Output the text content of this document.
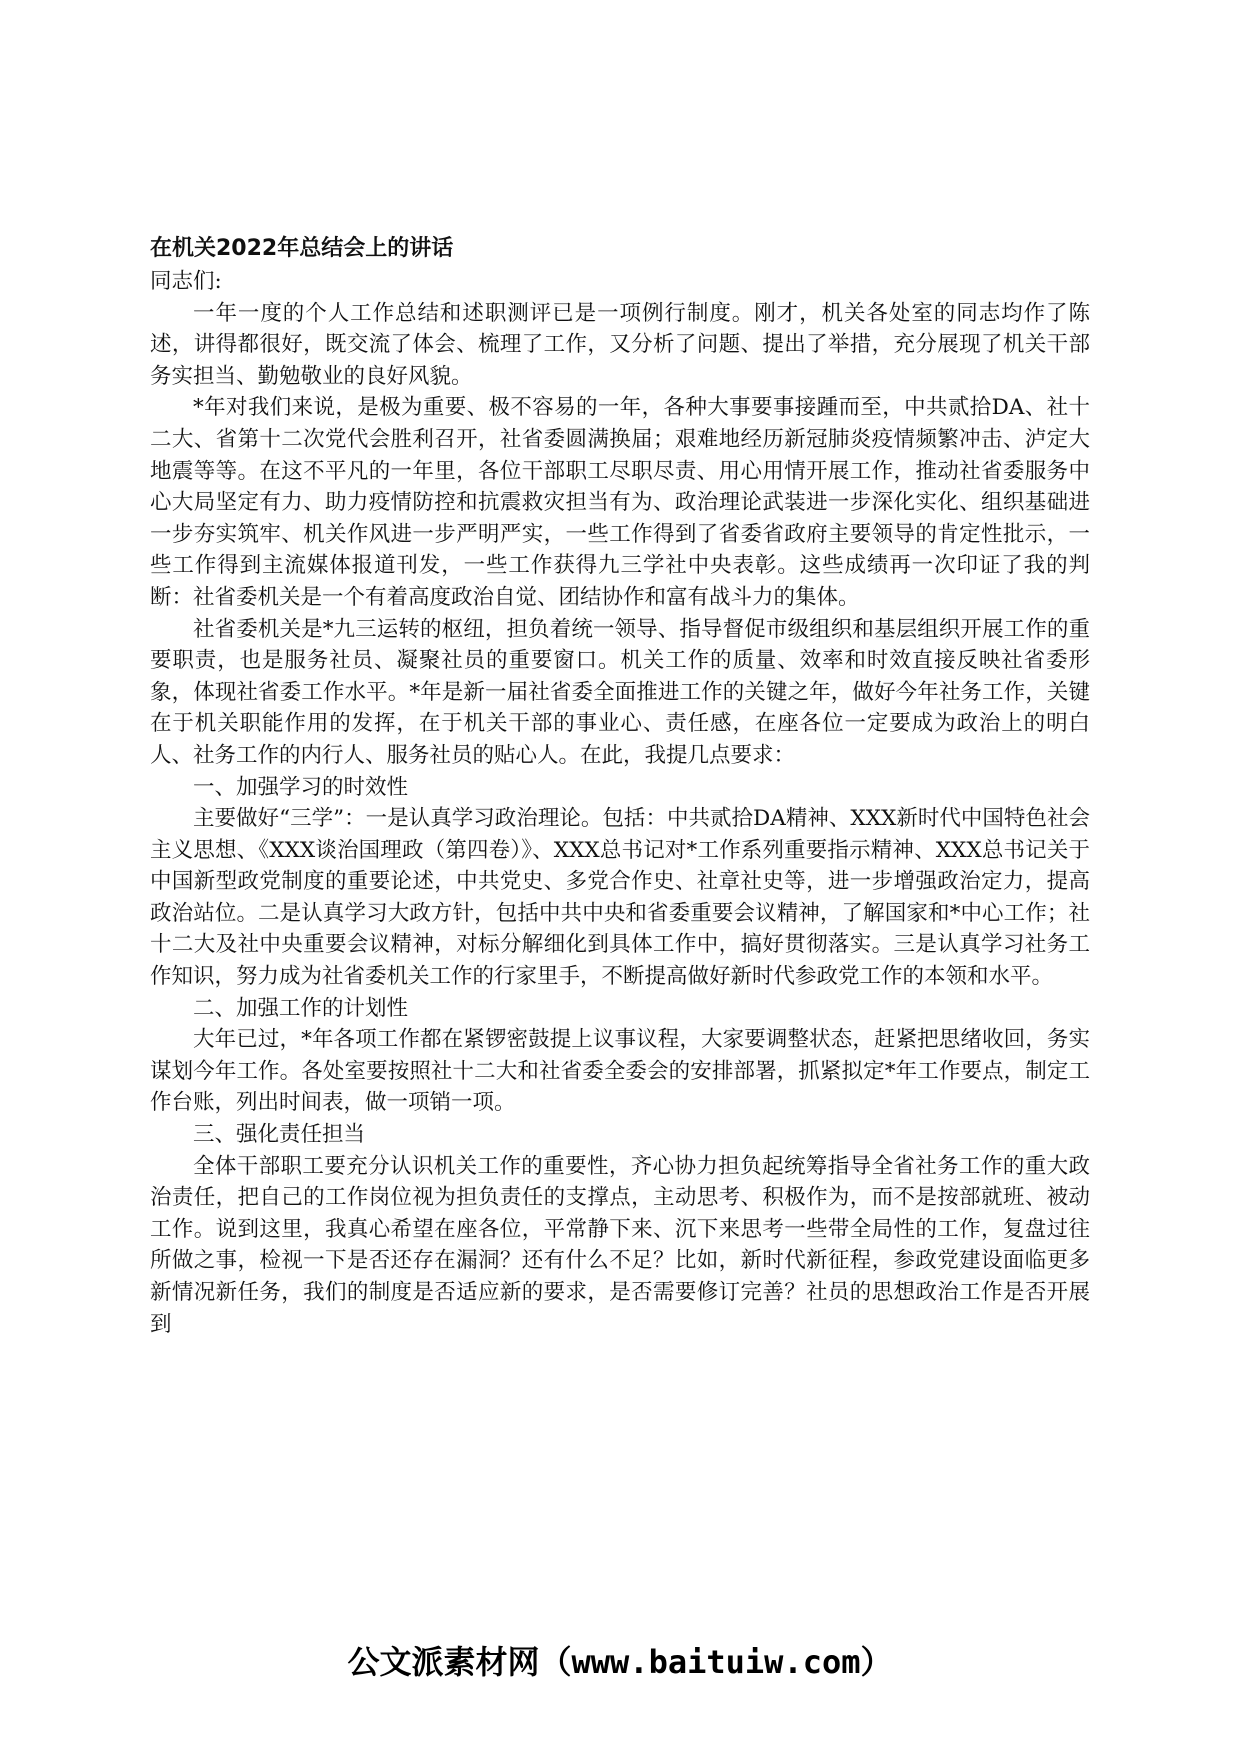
在机关2022年总结会上的讲话

同志们:

一年一度的个人工作总结和述职测评已是一项例行制度。刚才，机关各处室的同志均作了陈述，讲得都很好，既交流了体会、梳理了工作，又分析了问题、提出了举措，充分展现了机关干部务实担当、勤勉敬业的良好风貌。

*年对我们来说，是极为重要、极不容易的一年，各种大事要事接踵而至，中共贰拾DA、社十二大、省第十二次党代会胜利召开，社省委圆满换届；艰难地经历新冠肺炎疫情频繁冲击、泸定大地震等等。在这不平凡的一年里，各位干部职工尽职尽责、用心用情开展工作，推动社省委服务中心大局坚定有力、助力疫情防控和抗震救灾担当有为、政治理论武装进一步深化实化、组织基础进一步夯实筑牢、机关作风进一步严明严实，一些工作得到了省委省政府主要领导的肯定性批示，一些工作得到主流媒体报道刊发，一些工作获得九三学社中央表彰。这些成绩再一次印证了我的判断：社省委机关是一个有着高度政治自觉、团结协作和富有战斗力的集体。

社省委机关是*九三运转的枢纽，担负着统一领导、指导督促市级组织和基层组织开展工作的重要职责，也是服务社员、凝聚社员的重要窗口。机关工作的质量、效率和时效直接反映社省委形象，体现社省委工作水平。*年是新一届社省委全面推进工作的关键之年，做好今年社务工作，关键在于机关职能作用的发挥，在于机关干部的事业心、责任感，在座各位一定要成为政治上的明白人、社务工作的内行人、服务社员的贴心人。在此，我提几点要求：

一、加强学习的时效性

主要做好“三学”：一是认真学习政治理论。包括：中共贰拾DA精神、XXX新时代中国特色社会主义思想、《XXX谈治国理政（第四卷）》、XXX总书记对*工作系列重要指示精神、XXX总书记关于中国新型政党制度的重要论述，中共党史、多党合作史、社章社史等，进一步增强政治定力，提高政治站位。二是认真学习大政方针，包括中共中央和省委重要会议精神，了解国家和*中心工作；社十二大及社中央重要会议精神，对标分解细化到具体工作中，搞好贯彻落实。三是认真学习社务工作知识，努力成为社省委机关工作的行家里手，不断提高做好新时代参政党工作的本领和水平。

二、加强工作的计划性

大年已过，*年各项工作都在紧锣密鼓提上议事议程，大家要调整状态，赶紧把思绪收回，务实谋划今年工作。各处室要按照社十二大和社省委全委会的安排部署，抓紧拟定*年工作要点，制定工作台账，列出时间表，做一项销一项。

三、强化责任担当

全体干部职工要充分认识机关工作的重要性，齐心协力担负起统筹指导全省社务工作的重大政治责任，把自己的工作岗位视为担负责任的支撑点，主动思考、积极作为，而不是按部就班、被动工作。说到这里，我真心希望在座各位，平常静下来、沉下来思考一些带全局性的工作，复盘过往所做之事，检视一下是否还存在漏洞？还有什么不足？比如，新时代新征程，参政党建设面临更多新情况新任务，我们的制度是否适应新的要求，是否需要修订完善？社员的思想政治工作是否开展到

公文派素材网（www.baituiw.com）
